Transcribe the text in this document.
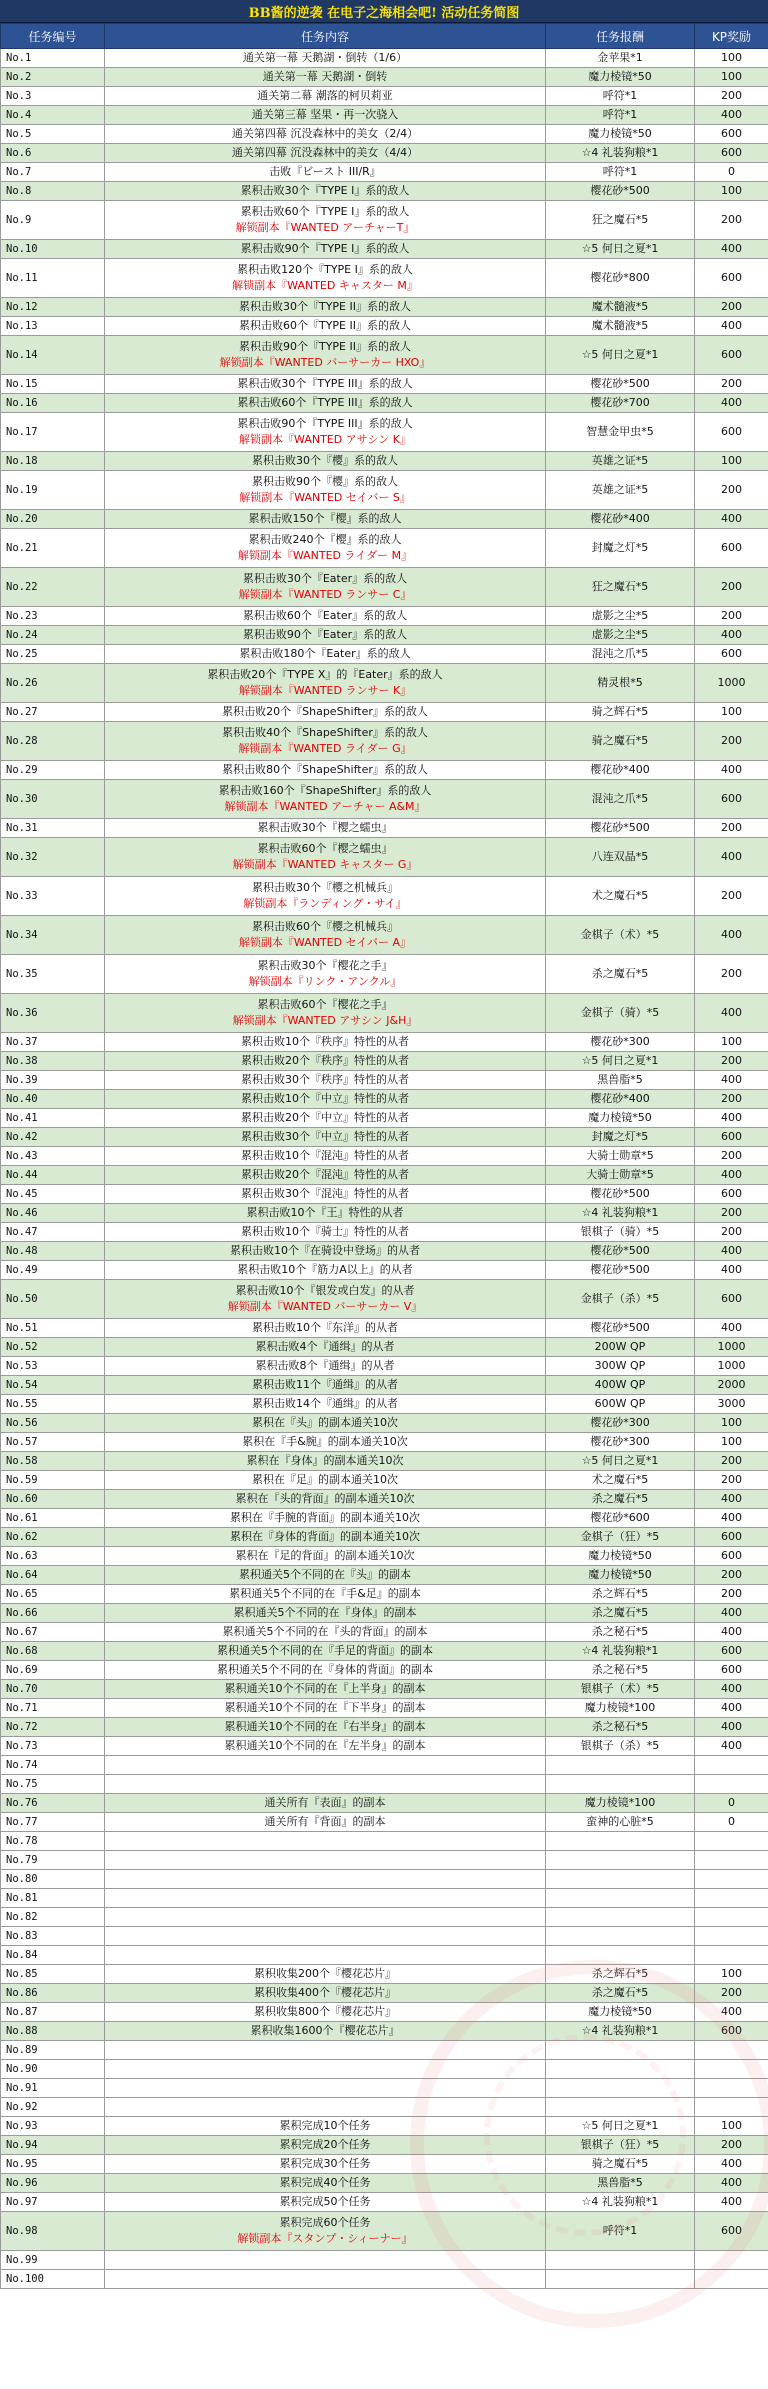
BB酱的逆袭 在电子之海相会吧! 活动任务简图
任务编号	任务内容	任务报酬	KP奖励
No.1	通关第一幕 天鹅湖・倒转（1/6）	金苹果*1	100
No.2	通关第一幕 天鹅湖・倒转	魔力棱镜*50	100
No.3	通关第二幕 潮落的柯贝莉亚	呼符*1	200
No.4	通关第三幕 坚果・再一次骁入	呼符*1	400
No.5	通关第四幕 沉没森林中的美女（2/4）	魔力棱镜*50	600
No.6	通关第四幕 沉没森林中的美女（4/4）	☆4 礼装狗粮*1	600
No.7	击败『ビースト III/R』	呼符*1	0
No.8	累积击败30个『TYPE I』系的敌人	樱花砂*500	100
No.9	累积击败60个『TYPE I』系的敌人
解锁副本『WANTED アーチャーT』	狂之魔石*5	200
No.10	累积击败90个『TYPE I』系的敌人	☆5 何日之夏*1	400
No.11	累积击败120个『TYPE I』系的敌人
解锁副本『WANTED キャスター M』	樱花砂*800	600
No.12	累积击败30个『TYPE II』系的敌人	魔术髓液*5	200
No.13	累积击败60个『TYPE II』系的敌人	魔术髓液*5	400
No.14	累积击败90个『TYPE II』系的敌人
解锁副本『WANTED バーサーカー HXO』	☆5 何日之夏*1	600
No.15	累积击败30个『TYPE III』系的敌人	樱花砂*500	200
No.16	累积击败60个『TYPE III』系的敌人	樱花砂*700	400
No.17	累积击败90个『TYPE III』系的敌人
解锁副本『WANTED アサシン K』	智慧金甲虫*5	600
No.18	累积击败30个『樱』系的敌人	英雄之证*5	100
No.19	累积击败90个『樱』系的敌人
解锁副本『WANTED セイバー S』	英雄之证*5	200
No.20	累积击败150个『樱』系的敌人	樱花砂*400	400
No.21	累积击败240个『樱』系的敌人
解锁副本『WANTED ライダー M』	封魔之灯*5	600
No.22	累积击败30个『Eater』系的敌人
解锁副本『WANTED ランサー C』	狂之魔石*5	200
No.23	累积击败60个『Eater』系的敌人	虚影之尘*5	200
No.24	累积击败90个『Eater』系的敌人	虚影之尘*5	400
No.25	累积击败180个『Eater』系的敌人	混沌之爪*5	600
No.26	累积击败20个『TYPE X』的『Eater』系的敌人
解锁副本『WANTED ランサー K』	精灵根*5	1000
No.27	累积击败20个『ShapeShifter』系的敌人	骑之辉石*5	100
No.28	累积击败40个『ShapeShifter』系的敌人
解锁副本『WANTED ライダー G』	骑之魔石*5	200
No.29	累积击败80个『ShapeShifter』系的敌人	樱花砂*400	400
No.30	累积击败160个『ShapeShifter』系的敌人
解锁副本『WANTED アーチャー A&M』	混沌之爪*5	600
No.31	累积击败30个『樱之蠕虫』	樱花砂*500	200
No.32	累积击败60个『樱之蠕虫』
解锁副本『WANTED キャスター G』	八连双晶*5	400
No.33	累积击败30个『樱之机械兵』
解锁副本『ランディング・サイ』	术之魔石*5	200
No.34	累积击败60个『樱之机械兵』
解锁副本『WANTED セイバー A』	金棋子（术）*5	400
No.35	累积击败30个『樱花之手』
解锁副本『リンク・アンクル』	杀之魔石*5	200
No.36	累积击败60个『樱花之手』
解锁副本『WANTED アサシン J&H』	金棋子（骑）*5	400
No.37	累积击败10个『秩序』特性的从者	樱花砂*300	100
No.38	累积击败20个『秩序』特性的从者	☆5 何日之夏*1	200
No.39	累积击败30个『秩序』特性的从者	黑兽脂*5	400
No.40	累积击败10个『中立』特性的从者	樱花砂*400	200
No.41	累积击败20个『中立』特性的从者	魔力棱镜*50	400
No.42	累积击败30个『中立』特性的从者	封魔之灯*5	600
No.43	累积击败10个『混沌』特性的从者	大骑士勋章*5	200
No.44	累积击败20个『混沌』特性的从者	大骑士勋章*5	400
No.45	累积击败30个『混沌』特性的从者	樱花砂*500	600
No.46	累积击败10个『王』特性的从者	☆4 礼装狗粮*1	200
No.47	累积击败10个『骑士』特性的从者	银棋子（骑）*5	200
No.48	累积击败10个『在骑设中登场』的从者	樱花砂*500	400
No.49	累积击败10个『筋力A以上』的从者	樱花砂*500	400
No.50	累积击败10个『银发或白发』的从者
解锁副本『WANTED バーサーカー V』	金棋子（杀）*5	600
No.51	累积击败10个『东洋』的从者	樱花砂*500	400
No.52	累积击败4个『通缉』的从者	200W QP	1000
No.53	累积击败8个『通缉』的从者	300W QP	1000
No.54	累积击败11个『通缉』的从者	400W QP	2000
No.55	累积击败14个『通缉』的从者	600W QP	3000
No.56	累积在『头』的副本通关10次	樱花砂*300	100
No.57	累积在『手&腕』的副本通关10次	樱花砂*300	100
No.58	累积在『身体』的副本通关10次	☆5 何日之夏*1	200
No.59	累积在『足』的副本通关10次	术之魔石*5	200
No.60	累积在『头的背面』的副本通关10次	杀之魔石*5	400
No.61	累积在『手腕的背面』的副本通关10次	樱花砂*600	400
No.62	累积在『身体的背面』的副本通关10次	金棋子（狂）*5	600
No.63	累积在『足的背面』的副本通关10次	魔力棱镜*50	600
No.64	累积通关5个不同的在『头』的副本	魔力棱镜*50	200
No.65	累积通关5个不同的在『手&足』的副本	杀之辉石*5	200
No.66	累积通关5个不同的在『身体』的副本	杀之魔石*5	400
No.67	累积通关5个不同的在『头的背面』的副本	杀之秘石*5	400
No.68	累积通关5个不同的在『手足的背面』的副本	☆4 礼装狗粮*1	600
No.69	累积通关5个不同的在『身体的背面』的副本	杀之秘石*5	600
No.70	累积通关10个不同的在『上半身』的副本	银棋子（术）*5	400
No.71	累积通关10个不同的在『下半身』的副本	魔力棱镜*100	400
No.72	累积通关10个不同的在『右半身』的副本	杀之秘石*5	400
No.73	累积通关10个不同的在『左半身』的副本	银棋子（杀）*5	400
No.74			
No.75			
No.76	通关所有『表面』的副本	魔力棱镜*100	0
No.77	通关所有『背面』的副本	蛮神的心脏*5	0
No.78			
No.79			
No.80			
No.81			
No.82			
No.83			
No.84			
No.85	累积收集200个『樱花芯片』	杀之辉石*5	100
No.86	累积收集400个『樱花芯片』	杀之魔石*5	200
No.87	累积收集800个『樱花芯片』	魔力棱镜*50	400
No.88	累积收集1600个『樱花芯片』	☆4 礼装狗粮*1	600
No.89			
No.90			
No.91			
No.92			
No.93	累积完成10个任务	☆5 何日之夏*1	100
No.94	累积完成20个任务	银棋子（狂）*5	200
No.95	累积完成30个任务	骑之魔石*5	400
No.96	累积完成40个任务	黑兽脂*5	400
No.97	累积完成50个任务	☆4 礼装狗粮*1	400
No.98	累积完成60个任务
解锁副本『スタンプ・シィーナー』	呼符*1	600
No.99			
No.100			
